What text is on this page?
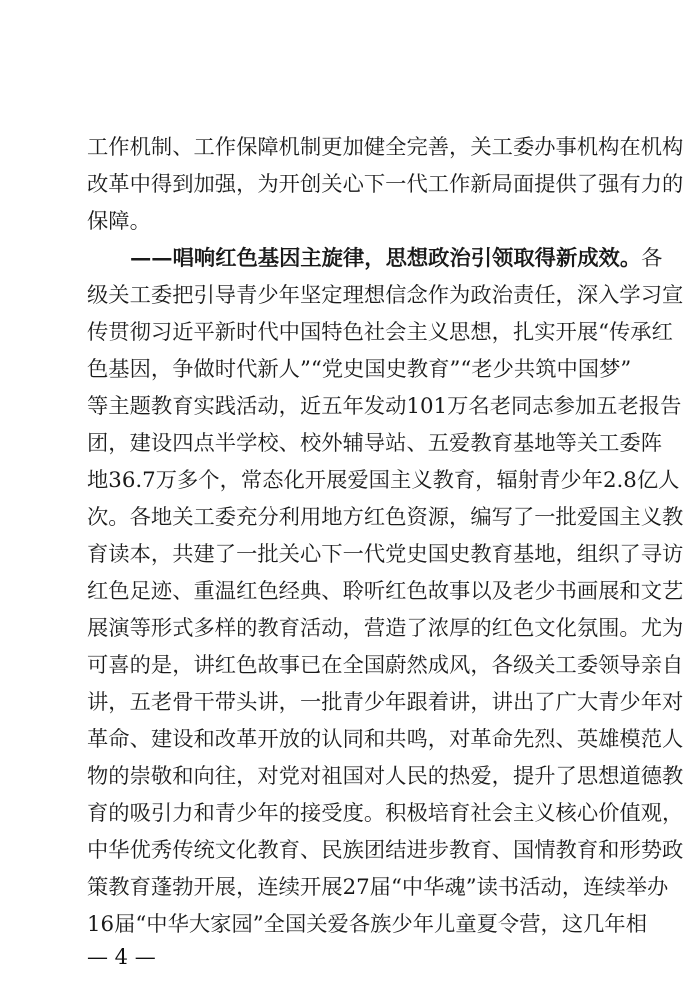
工作机制、工作保障机制更加健全完善，关工委办事机构在机构
改革中得到加强，为开创关心下一代工作新局面提供了强有力的
保障。
——唱响红色基因主旋律，思想政治引领取得新成效。各
级关工委把引导青少年坚定理想信念作为政治责任，深入学习宣
传贯彻习近平新时代中国特色社会主义思想，扎实开展“传承红
色基因，争做时代新人”“党史国史教育”“老少共筑中国梦”
等主题教育实践活动，近五年发动101万名老同志参加五老报告
团，建设四点半学校、校外辅导站、五爱教育基地等关工委阵
地36.7万多个，常态化开展爱国主义教育，辐射青少年2.8亿人
次。各地关工委充分利用地方红色资源，编写了一批爱国主义教
育读本，共建了一批关心下一代党史国史教育基地，组织了寻访
红色足迹、重温红色经典、聆听红色故事以及老少书画展和文艺
展演等形式多样的教育活动，营造了浓厚的红色文化氛围。尤为
可喜的是，讲红色故事已在全国蔚然成风，各级关工委领导亲自
讲，五老骨干带头讲，一批青少年跟着讲，讲出了广大青少年对
革命、建设和改革开放的认同和共鸣，对革命先烈、英雄模范人
物的崇敬和向往，对党对祖国对人民的热爱，提升了思想道德教
育的吸引力和青少年的接受度。积极培育社会主义核心价值观，
中华优秀传统文化教育、民族团结进步教育、国情教育和形势政
策教育蓬勃开展，连续开展27届“中华魂”读书活动，连续举办
16届“中华大家园”全国关爱各族少年儿童夏令营，这几年相
— 4 —
